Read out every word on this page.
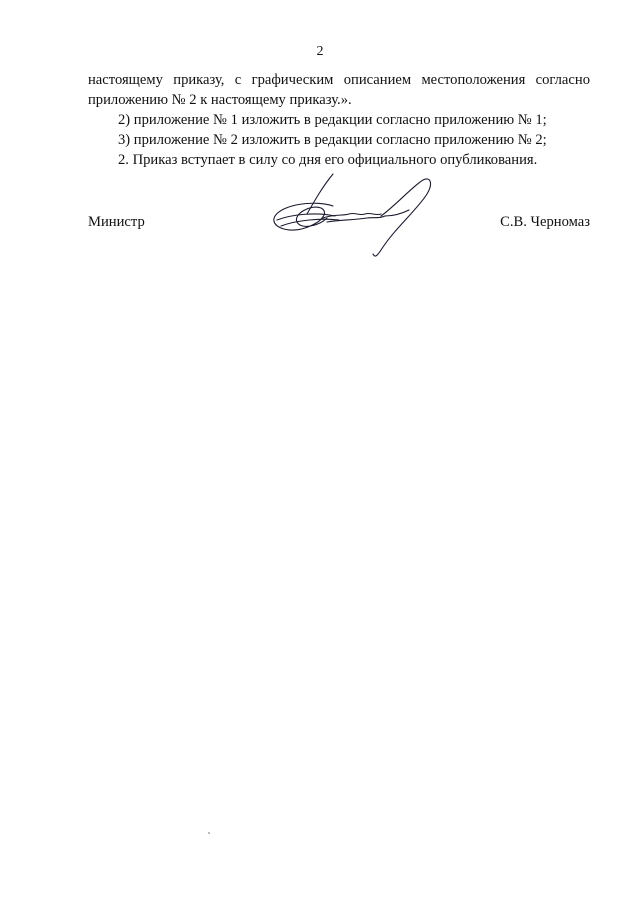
2

настоящему приказу, с графическим описанием местоположения согласно

приложению № 2 к настоящему приказу.».

2) приложение № 1 изложить в редакции согласно приложению № 1;

3) приложение № 2 изложить в редакции согласно приложению № 2;

2. Приказ вступает в силу со дня его официального опубликования.

Министр	С.В. Черномаз
